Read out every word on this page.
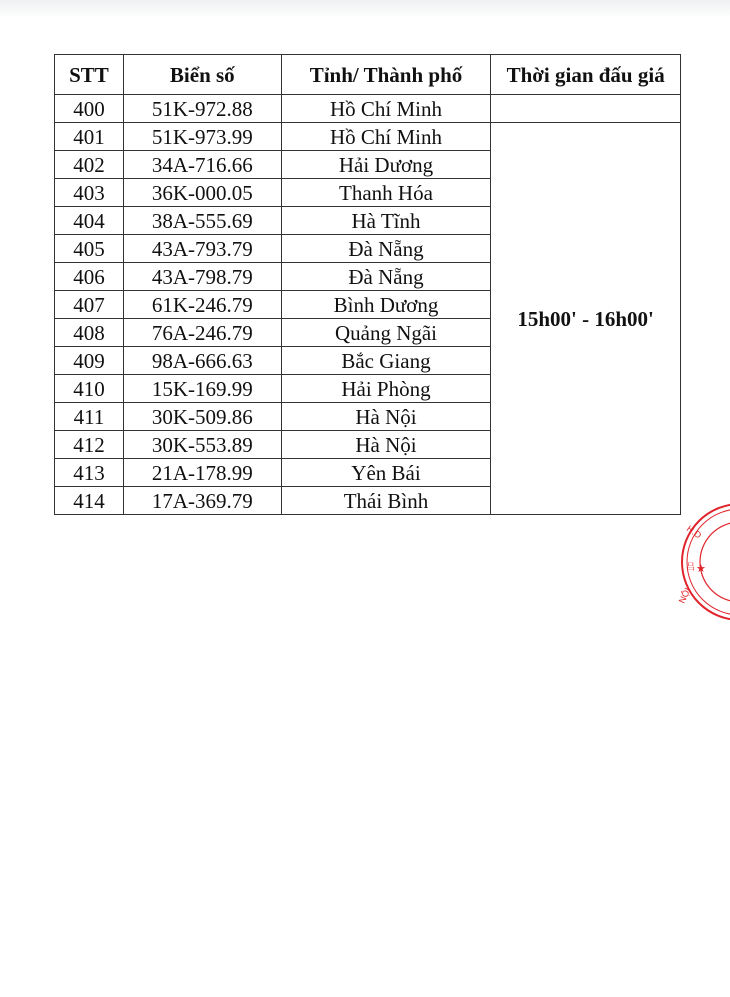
STT	Biển số	Tỉnh/ Thành phố	Thời gian đấu giá
400	51K-972.88	Hồ Chí Minh	
401	51K-973.99	Hồ Chí Minh	15h00' - 16h00'
402	34A-716.66	Hải Dương	
403	36K-000.05	Thanh Hóa	
404	38A-555.69	Hà Tĩnh	
405	43A-793.79	Đà Nẵng	
406	43A-798.79	Đà Nẵng	
407	61K-246.79	Bình Dương	
408	76A-246.79	Quảng Ngãi	
409	98A-666.63	Bắc Giang	
410	15K-169.99	Hải Phòng	
411	30K-509.86	Hà Nội	
412	30K-553.89	Hà Nội	
413	21A-178.99	Yên Bái	
414	17A-369.79	Thái Bình	
H.D
★
吕
NỘI
